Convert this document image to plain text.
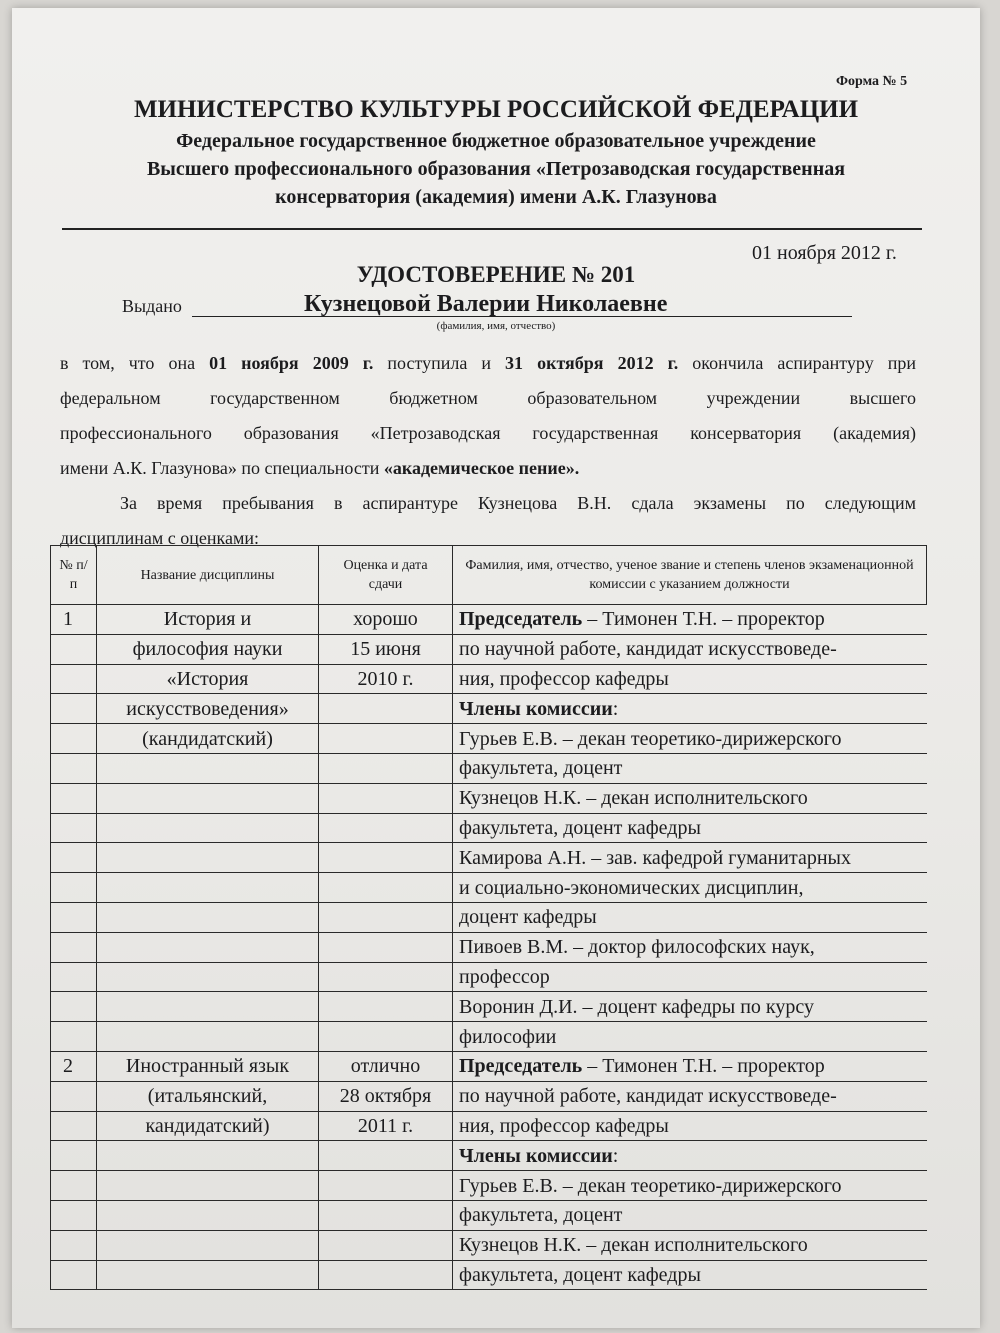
Форма № 5
МИНИСТЕРСТВО КУЛЬТУРЫ РОССИЙСКОЙ ФЕДЕРАЦИИ
Федеральное государственное бюджетное образовательное учреждение
Высшего профессионального образования «Петрозаводская государственная
консерватория (академия) имени А.К. Глазунова
01 ноября 2012 г.
УДОСТОВЕРЕНИЕ № 201
Выдано	Кузнецовой Валерии Николаевне
(фамилия, имя, отчество)
в том, что она 01 ноября 2009 г. поступила и 31 октября 2012 г. окончила аспирантуру при
федеральном государственном бюджетном образовательном учреждении высшего
профессионального образования «Петрозаводская государственная консерватория (академия)
имени А.К. Глазунова» по специальности «академическое пение».
За время пребывания в аспирантуре Кузнецова В.Н. сдала экзамены по следующим
дисциплинам с оценками:
№ п/п	Название дисциплины	Оценка и дата сдачи	Фамилия, имя, отчество, ученое звание и степень членов экзаменационной комиссии с указанием должности
1	История и	хорошо	Председатель – Тимонен Т.Н. – проректор
	философия науки	15 июня	по научной работе, кандидат искусствоведе-
	«История	2010 г.	ния, профессор кафедры
	искусствоведения»		Члены комиссии:
	(кандидатский)		Гурьев Е.В. – декан теоретико-дирижерского
			факультета, доцент
			Кузнецов Н.К. – декан исполнительского
			факультета, доцент кафедры
			Камирова А.Н. – зав. кафедрой гуманитарных
			и социально-экономических дисциплин,
			доцент кафедры
			Пивоев В.М. – доктор философских наук,
			профессор
			Воронин Д.И. – доцент кафедры по курсу
			философии
2	Иностранный язык	отлично	Председатель – Тимонен Т.Н. – проректор
	(итальянский,	28 октября	по научной работе, кандидат искусствоведе-
	кандидатский)	2011 г.	ния, профессор кафедры
			Члены комиссии:
			Гурьев Е.В. – декан теоретико-дирижерского
			факультета, доцент
			Кузнецов Н.К. – декан исполнительского
			факультета, доцент кафедры
